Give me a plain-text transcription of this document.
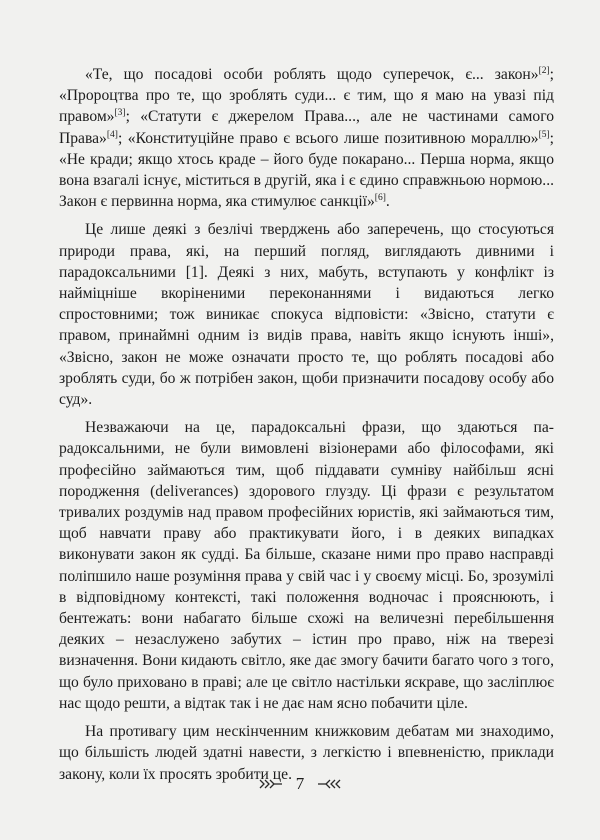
«Те, що посадові особи роблять щодо суперечок, є... закон»[2]; «Пророцтва про те, що зроблять суди... є тим, що я маю на увазі під правом»[3]; «Статути є джерелом Права..., але не частинами самого Права»[4]; «Конституційне право є всього лише позитивною мораллю»[5]; «Не кради; якщо хтось краде – його буде покарано... Перша норма, якщо вона взагалі існує, міститься в другій, яка і є єдино справжньою нормою... Закон є первинна норма, яка стимулює санкції»[6].

Це лише деякі з безлічі тверджень або заперечень, що стосуються природи права, які, на перший погляд, виглядають дивними і парадоксальними [1]. Деякі з них, мабуть, вступають у конфлікт із найміцніше вкоріненими переконаннями і видаються легко спростовними; тож виникає спокуса відповісти: «Звісно, статути є правом, принаймні одним із видів права, навіть якщо існують інші», «Звісно, закон не може означати просто те, що роблять посадові або зроблять суди, бо ж потрібен закон, щоби призначити посадову особу або суд».

Незважаючи на це, парадоксальні фрази, що здаються парадоксальними, не були вимовлені візіонерами або філософами, які професійно займаються тим, щоб піддавати сумніву найбільш ясні породження (deliverances) здорового глузду. Ці фрази є результатом тривалих роздумів над правом професійних юристів, які займаються тим, щоб навчати праву або практикувати його, і в деяких випадках виконувати закон як судді. Ба більше, сказане ними про право насправді поліпшило наше розуміння права у свій час і у своєму місці. Бо, зрозумілі в відповідному контексті, такі положення водночас і прояснюють, і бентежать: вони набагато більше схожі на величезні перебільшення деяких – незаслужено забутих – істин про право, ніж на тверезі визначення. Вони кидають світло, яке дає змогу бачити багато чого з того, що було приховано в праві; але це світло настільки яскраве, що засліплює нас щодо решти, а відтак так і не дає нам ясно побачити ціле.

На противагу цим нескінченним книжковим дебатам ми знаходимо, що більшість людей здатні навести, з легкістю і впевненістю, приклади закону, коли їх просять зробити це. 7
